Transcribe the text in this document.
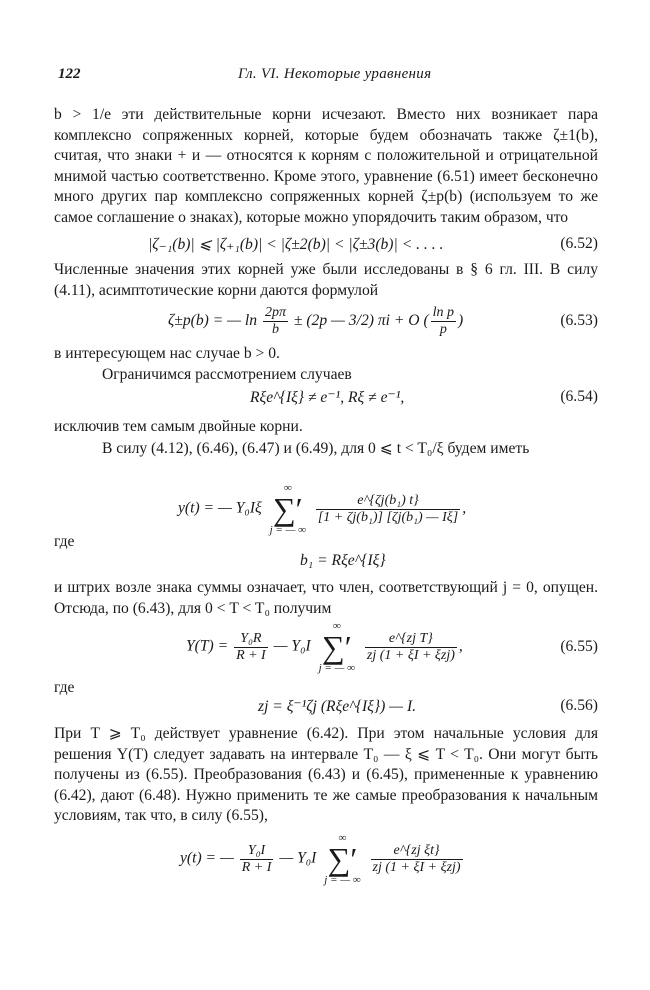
122	Гл. VI. Некоторые уравнения

b > 1/e эти действительные корни исчезают. Вместо них возникает пара комплексно сопряженных корней, которые будем обозначать также ζ±1(b), считая, что знаки + и — относятся к корням с положительной и отрицательной мнимой частью соответственно. Кроме этого, уравнение (6.51) имеет бесконечно много других пар комплексно сопряженных корней ζ±p(b) (используем то же самое соглашение о знаках), которые можно упорядочить таким образом, что

|ζ₋₁(b)| ⩽ |ζ₊₁(b)| < |ζ±2(b)| < |ζ±3(b)| < . . . .	(6.52)

Численные значения этих корней уже были исследованы в § 6 гл. III. В силу (4.11), асимптотические корни даются формулой

ζ±p(b) = — $\ln \frac{2p\pi}{b} \pm (2p$ — 3/2) πi + O ( $\frac{\text{ln p}}{p}$ )	(6.53)
в интересующем нас случае b > 0.
Ограничимся рассмотрением случаев
Rξe^{Iξ} ≠ e⁻¹, Rξ ≠ e⁻¹,	(6.54)
исключив тем самым двойные корни.

В силу (4.12), (6.46), (6.47) и (6.49), для 0 ⩽ t < T₀/ξ будем иметь

y(t) = — Y₀Iξ ∞
∑′
j = — ∞
$\frac{\text{e\textasciicircum{}\{ζj(b₁) t\}}}{\text{[1 + ζj(b₁)] [ζj(b₁) — Iξ]}}$ ,
где
b₁ = Rξe^{Iξ}

и штрих возле знака суммы означает, что член, соответствующий j = 0, опущен. Отсюда, по (6.43), для 0 < T < T₀ получим

$Y(T) = \frac{\text{Y₀R}}{R + I}$ — Y₀I ∞
∑′
j = — ∞
$\frac{\text{e\textasciicircum{}\{zj T\}}}{\text{zj (1 + ξI + ξzj)}}$ ,	(6.55)
где
zj = ξ⁻¹ζj (Rξe^{Iξ}) — I.	(6.56)

При T ⩾ T₀ действует уравнение (6.42). При этом начальные условия для решения Y(T) следует задавать на интервале T₀ — ξ ⩽ T < T₀. Они могут быть получены из (6.55). Преобразования (6.43) и (6.45), примененные к уравнению (6.42), дают (6.48). Нужно применить те же самые преобразования к начальным условиям, так что, в силу (6.55),

y(t) = — $\frac{\text{Y₀I}}{R + I}$ — Y₀I ∞
∑′
j = — ∞
$\frac{\text{e\textasciicircum{}\{zj ξt\}}}{\text{zj (1 + ξI + ξzj)}}$
